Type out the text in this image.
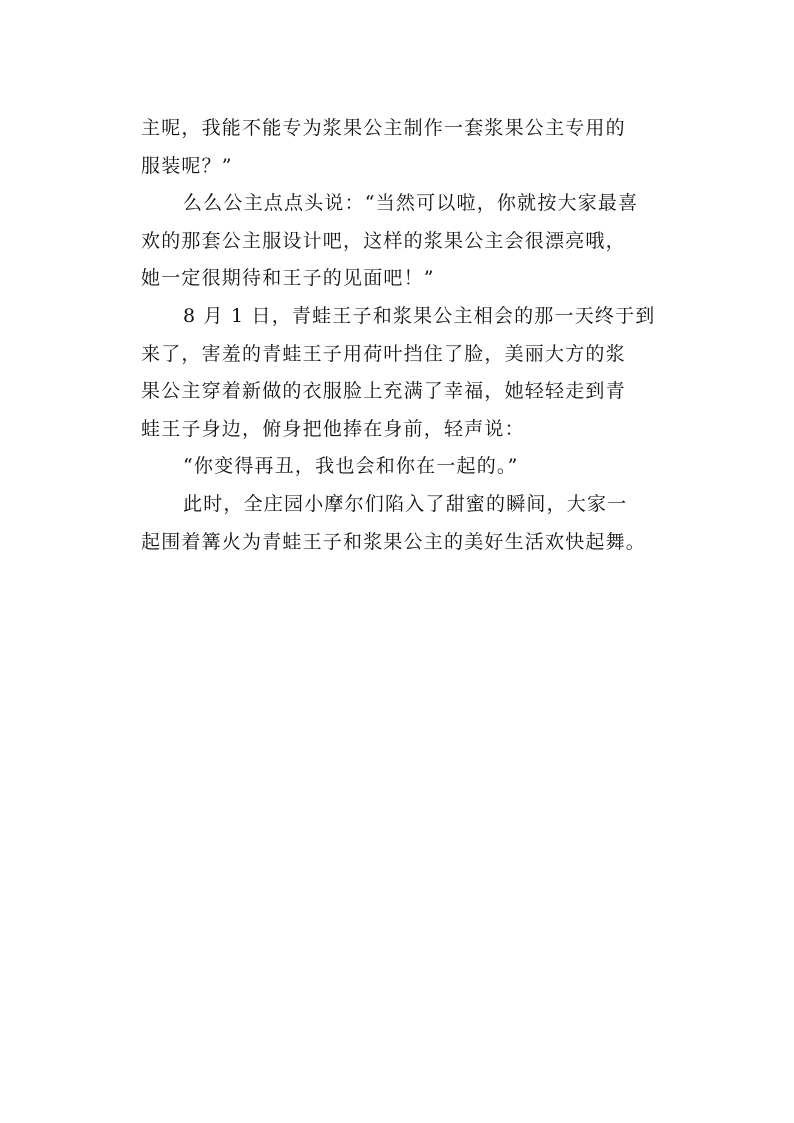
主呢，我能不能专为浆果公主制作一套浆果公主专用的
服装呢？”
么么公主点点头说：“当然可以啦，你就按大家最喜
欢的那套公主服设计吧，这样的浆果公主会很漂亮哦，
她一定很期待和王子的见面吧！”
8 月 1 日，青蛙王子和浆果公主相会的那一天终于到
来了，害羞的青蛙王子用荷叶挡住了脸，美丽大方的浆
果公主穿着新做的衣服脸上充满了幸福，她轻轻走到青
蛙王子身边，俯身把他捧在身前，轻声说：
“你变得再丑，我也会和你在一起的。”
此时，全庄园小摩尔们陷入了甜蜜的瞬间，大家一
起围着篝火为青蛙王子和浆果公主的美好生活欢快起舞。
